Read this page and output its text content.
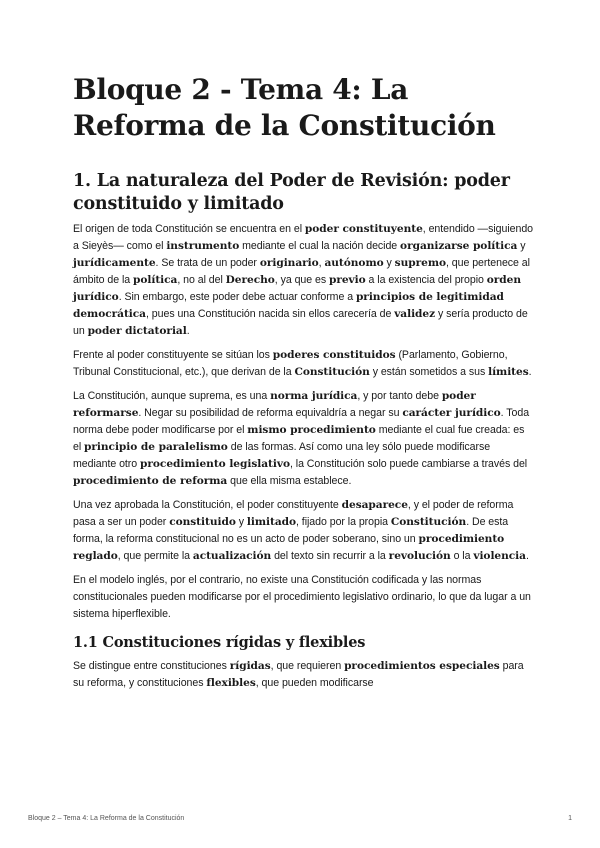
Bloque 2 - Tema 4: La Reforma de la Constitución
1. La naturaleza del Poder de Revisión: poder constituido y limitado

El origen de toda Constitución se encuentra en el poder constituyente, entendido —siguiendo a Sieyès— como el instrumento mediante el cual la nación decide organizarse política y jurídicamente. Se trata de un poder originario, autónomo y supremo, que pertenece al ámbito de la política, no al del Derecho, ya que es previo a la existencia del propio orden jurídico. Sin embargo, este poder debe actuar conforme a principios de legitimidad democrática, pues una Constitución nacida sin ellos carecería de validez y sería producto de un poder dictatorial.

Frente al poder constituyente se sitúan los poderes constituidos (Parlamento, Gobierno, Tribunal Constitucional, etc.), que derivan de la Constitución y están sometidos a sus límites.

La Constitución, aunque suprema, es una norma jurídica, y por tanto debe poder reformarse. Negar su posibilidad de reforma equivaldría a negar su carácter jurídico. Toda norma debe poder modificarse por el mismo procedimiento mediante el cual fue creada: es el principio de paralelismo de las formas. Así como una ley sólo puede modificarse mediante otro procedimiento legislativo, la Constitución solo puede cambiarse a través del procedimiento de reforma que ella misma establece.

Una vez aprobada la Constitución, el poder constituyente desaparece, y el poder de reforma pasa a ser un poder constituido y limitado, fijado por la propia Constitución. De esta forma, la reforma constitucional no es un acto de poder soberano, sino un procedimiento reglado, que permite la actualización del texto sin recurrir a la revolución o la violencia.

En el modelo inglés, por el contrario, no existe una Constitución codificada y las normas constitucionales pueden modificarse por el procedimiento legislativo ordinario, lo que da lugar a un sistema hiperflexible.

1.1 Constituciones rígidas y flexibles

Se distingue entre constituciones rígidas, que requieren procedimientos especiales para su reforma, y constituciones flexibles, que pueden modificarse

Bloque 2 – Tema 4: La Reforma de la Constitución	1
